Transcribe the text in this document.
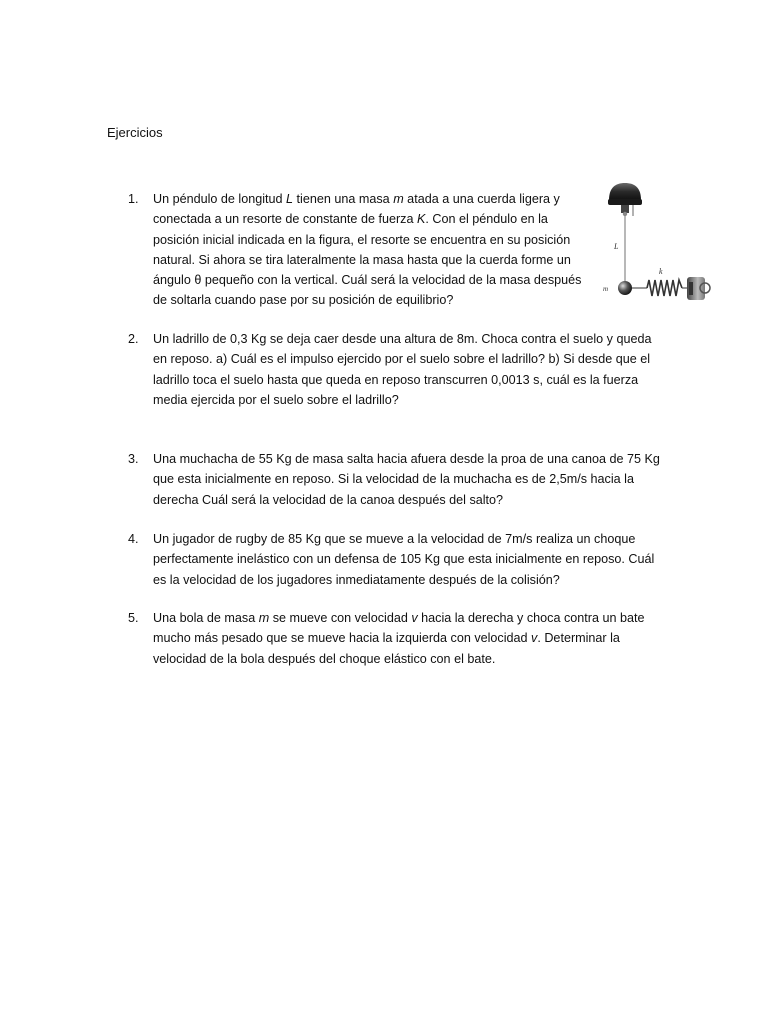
Ejercicios
1.	Un péndulo de longitud L tienen una masa m atada a una cuerda ligera y
conectada a un resorte de constante de fuerza K. Con el péndulo en la
posición inicial indicada en la figura, el resorte se encuentra en su posición
natural. Si ahora se tira lateralmente la masa hasta que la cuerda forme un
ángulo θ pequeño con la vertical. Cuál será la velocidad de la masa después
de soltarla cuando pase por su posición de equilibrio?
2.	Un ladrillo de 0,3 Kg se deja caer desde una altura de 8m. Choca contra el suelo y queda
en reposo. a) Cuál es el impulso ejercido por el suelo sobre el ladrillo? b) Si desde que el
ladrillo toca el suelo hasta que queda en reposo transcurren 0,0013 s, cuál es la fuerza
media ejercida por el suelo sobre el ladrillo?
3.	Una muchacha de 55 Kg de masa salta hacia afuera desde la proa de una canoa de 75 Kg
que esta inicialmente en reposo. Si la velocidad de la muchacha es de 2,5m/s hacia la
derecha Cuál será la velocidad de la canoa después del salto?
4.	Un jugador de rugby de 85 Kg que se mueve a la velocidad de 7m/s realiza un choque
perfectamente inelástico con un defensa de 105 Kg que esta inicialmente en reposo. Cuál
es la velocidad de los jugadores inmediatamente después de la colisión?
5.	Una bola de masa m se mueve con velocidad v hacia la derecha y choca contra un bate
mucho más pesado que se mueve hacia la izquierda con velocidad v. Determinar la
velocidad de la bola después del choque elástico con el bate.
L
m
k
